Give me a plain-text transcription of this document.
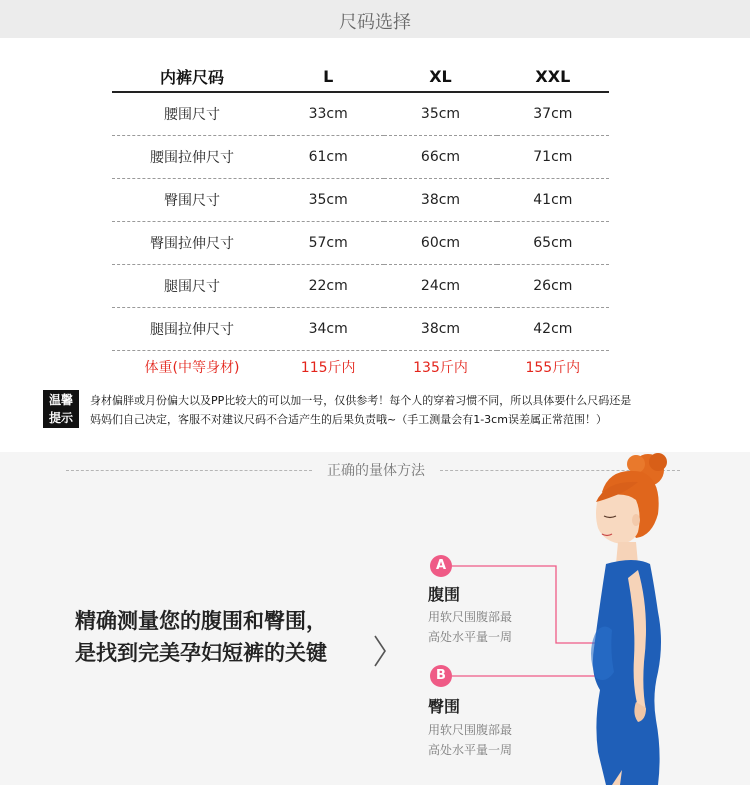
尺码选择
内裤尺码	L	XL	XXL
腰围尺寸	33cm	35cm	37cm
腰围拉伸尺寸	61cm	66cm	71cm
臀围尺寸	35cm	38cm	41cm
臀围拉伸尺寸	57cm	60cm	65cm
腿围尺寸	22cm	24cm	26cm
腿围拉伸尺寸	34cm	38cm	42cm
体重(中等身材)	115斤内	135斤内	155斤内
温馨
提示
身材偏胖或月份偏大以及PP比较大的可以加一号，仅供参考！每个人的穿着习惯不同，所以具体要什么尺码还是
妈妈们自己决定，客服不对建议尺码不合适产生的后果负责哦~（手工测量会有1-3cm误差属正常范围！）
正确的量体方法
精确测量您的腹围和臀围，
是找到完美孕妇短裤的关键
A
腹围
用软尺围腹部最
高处水平量一周
B
臀围
用软尺围腹部最
高处水平量一周
